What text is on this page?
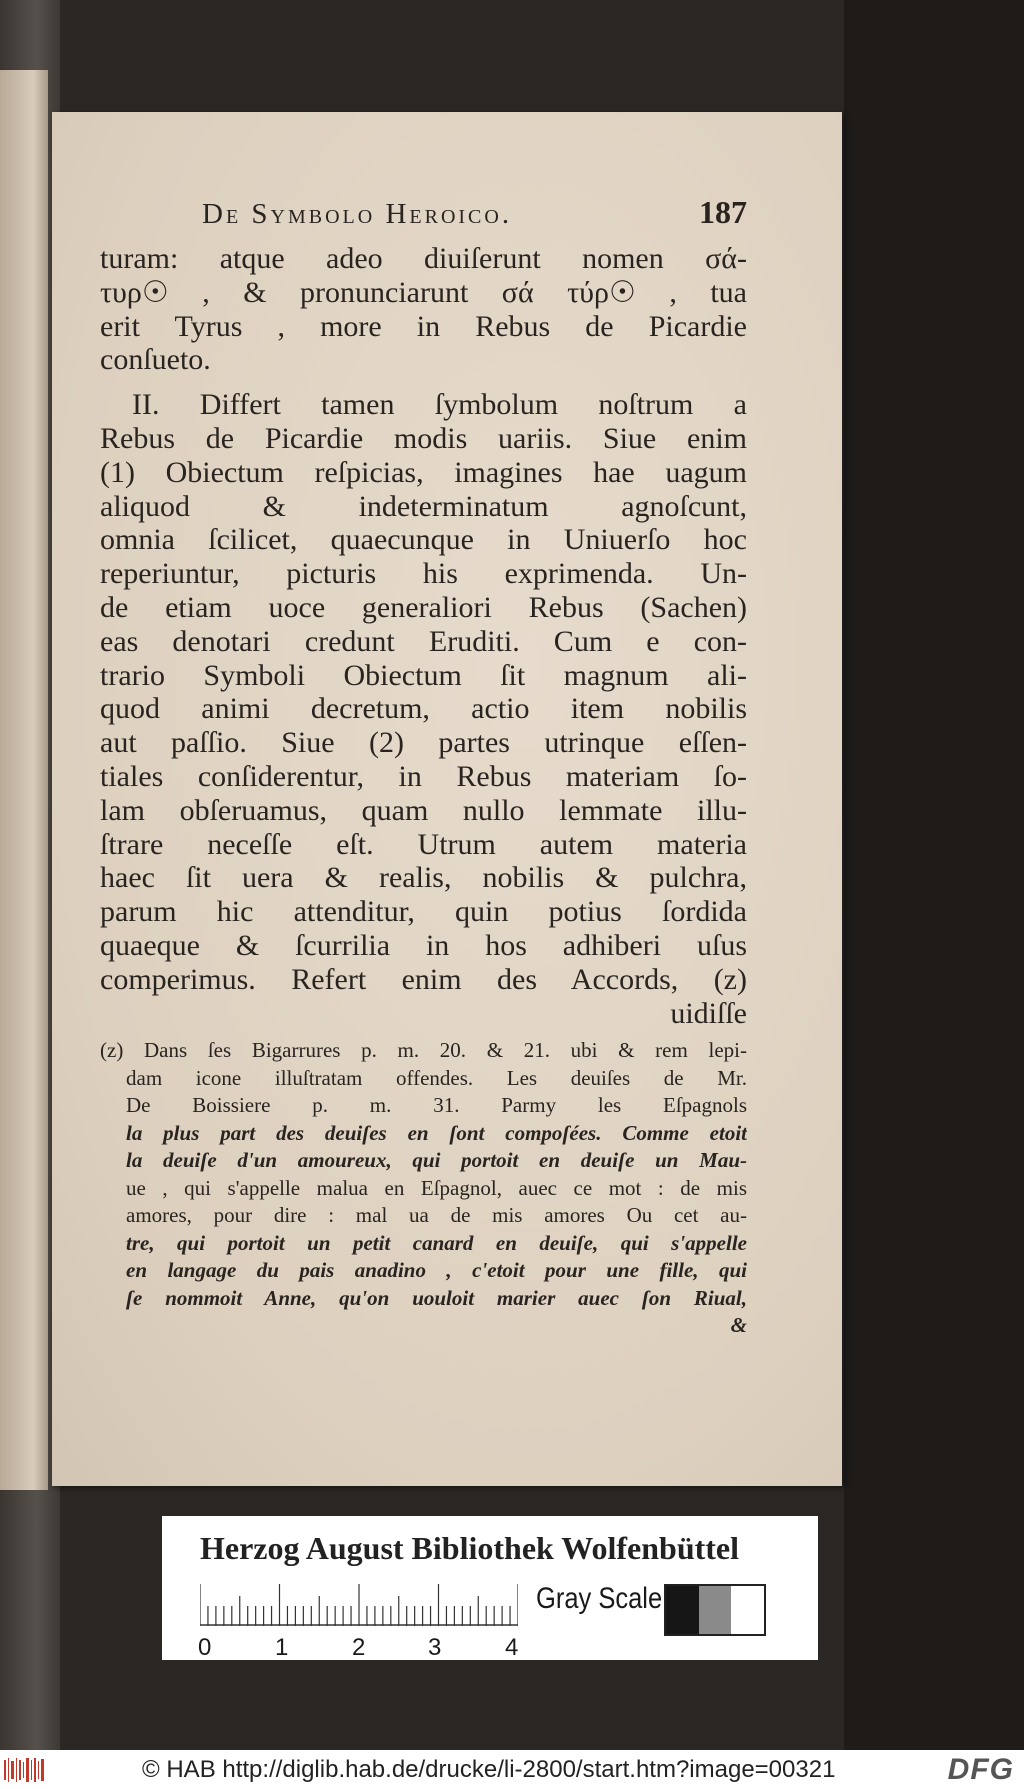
De Symbolo Heroico.	187
turam: atque adeo diuiſerunt nomen σά-
τυρ☉ , & pronunciarunt σά τύρ☉ , tua
erit Tyrus , more in Rebus de Picardie
conſueto.
II. Differt tamen ſymbolum noſtrum a
Rebus de Picardie modis uariis. Siue enim
(1) Obiectum reſpicias, imagines hae uagum
aliquod & indeterminatum agnoſcunt,
omnia ſcilicet, quaecunque in Uniuerſo hoc
reperiuntur, picturis his exprimenda. Un-
de etiam uoce generaliori Rebus (Sachen)
eas denotari credunt Eruditi. Cum e con-
trario Symboli Obiectum ſit magnum ali-
quod animi decretum, actio item nobilis
aut paſſio. Siue (2) partes utrinque eſſen-
tiales conſiderentur, in Rebus materiam ſo-
lam obſeruamus, quam nullo lemmate illu-
ſtrare neceſſe eſt. Utrum autem materia
haec ſit uera & realis, nobilis & pulchra,
parum hic attenditur, quin potius ſordida
quaeque & ſcurrilia in hos adhiberi uſus
comperimus. Refert enim des Accords, (z)
uidiſſe
(z) Dans ſes Bigarrures p. m. 20. & 21. ubi & rem lepi-
dam icone illuſtratam offendes. Les deuiſes de Mr.
De Boissiere p. m. 31. Parmy les Eſpagnols
la plus part des deuiſes en ſont compoſées. Comme etoit
la deuiſe d'un amoureux, qui portoit en deuiſe un Mau-
ue , qui s'appelle malua en Eſpagnol, auec ce mot : de mis
amores, pour dire : mal ua de mis amores Ou cet au-
tre, qui portoit un petit canard en deuiſe, qui s'appelle
en langage du pais anadino , c'etoit pour une fille, qui
ſe nommoit Anne, qu'on uouloit marier auec ſon Riual,
&
Herzog August Bibliothek Wolfenbüttel
0	1	2	3	4
Gray Scale
© HAB http://diglib.hab.de/drucke/li-2800/start.htm?image=00321	DFG
